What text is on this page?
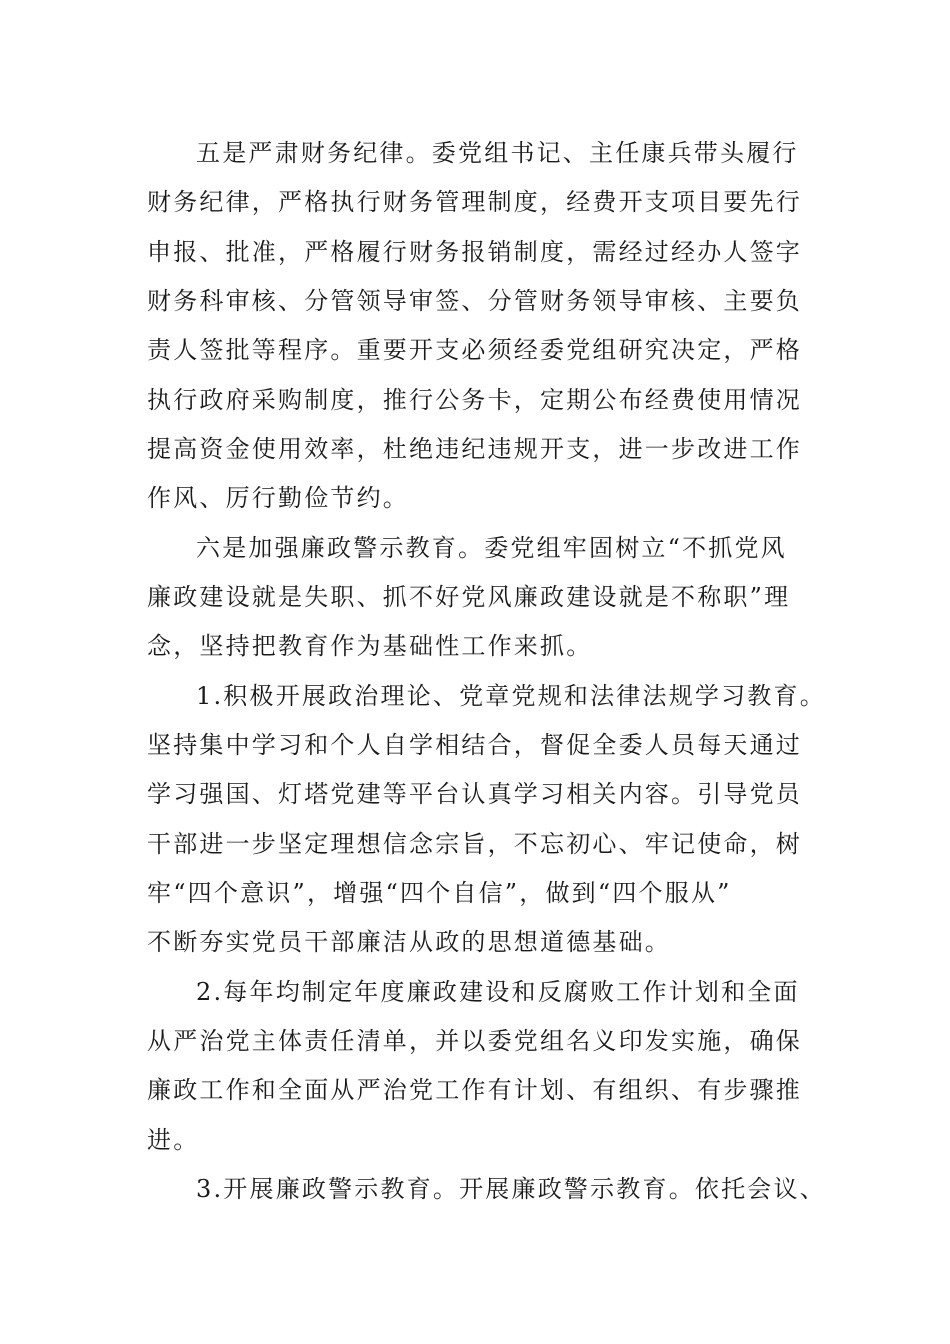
五是严肃财务纪律。委党组书记、主任康兵带头履行
财务纪律，严格执行财务管理制度，经费开支项目要先行
申报、批准，严格履行财务报销制度，需经过经办人签字
财务科审核、分管领导审签、分管财务领导审核、主要负
责人签批等程序。重要开支必须经委党组研究决定，严格
执行政府采购制度，推行公务卡，定期公布经费使用情况
提高资金使用效率，杜绝违纪违规开支，进一步改进工作
作风、厉行勤俭节约。
六是加强廉政警示教育。委党组牢固树立“不抓党风
廉政建设就是失职、抓不好党风廉政建设就是不称职”理
念，坚持把教育作为基础性工作来抓。
1.积极开展政治理论、党章党规和法律法规学习教育。
坚持集中学习和个人自学相结合，督促全委人员每天通过
学习强国、灯塔党建等平台认真学习相关内容。引导党员
干部进一步坚定理想信念宗旨，不忘初心、牢记使命，树
牢“四个意识”，增强“四个自信”，做到“四个服从”
不断夯实党员干部廉洁从政的思想道德基础。
2.每年均制定年度廉政建设和反腐败工作计划和全面
从严治党主体责任清单，并以委党组名义印发实施，确保
廉政工作和全面从严治党工作有计划、有组织、有步骤推
进。
3.开展廉政警示教育。开展廉政警示教育。依托会议、
